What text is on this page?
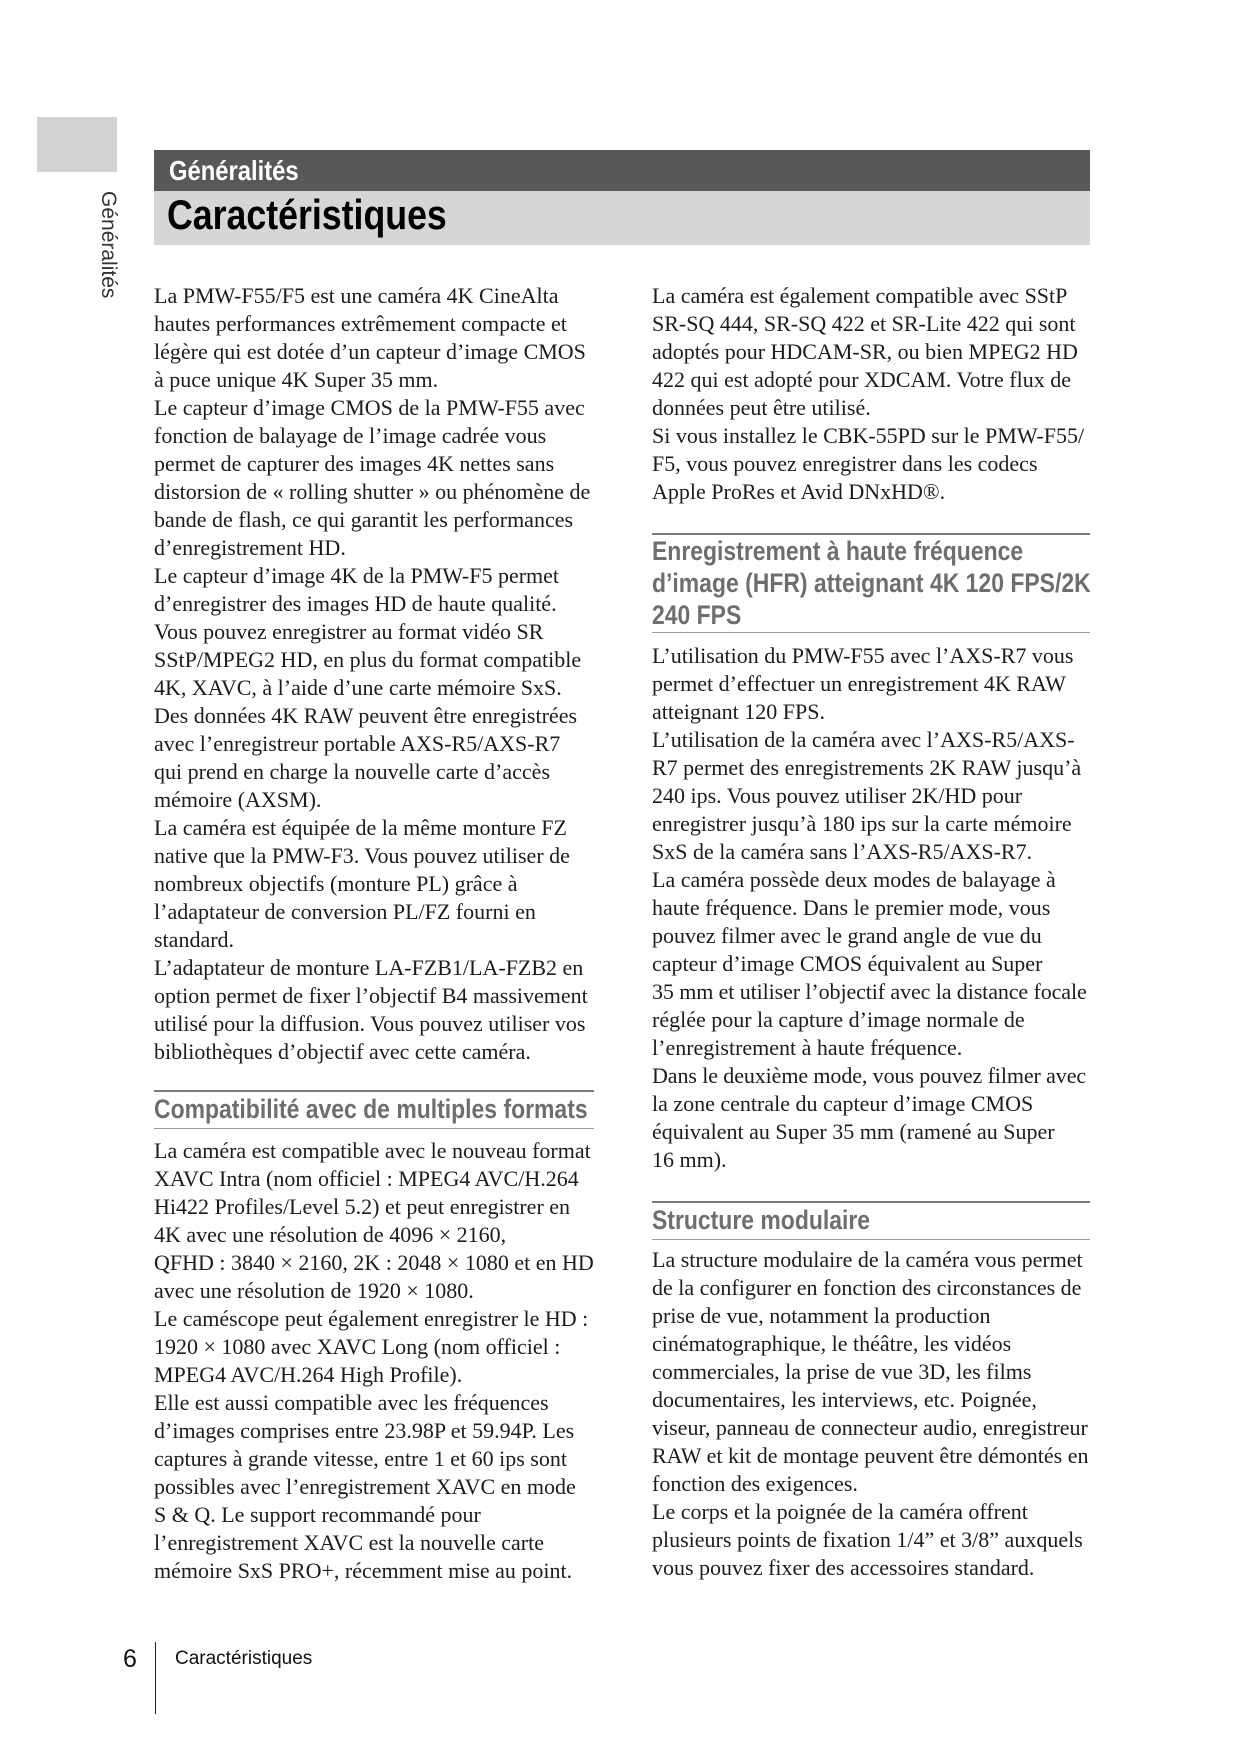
Généralités
Généralités
Caractéristiques
La PMW-F55/F5 est une caméra 4K CineAlta
hautes performances extrêmement compacte et
légère qui est dotée d’un capteur d’image CMOS
à puce unique 4K Super 35 mm.
Le capteur d’image CMOS de la PMW-F55 avec
fonction de balayage de l’image cadrée vous
permet de capturer des images 4K nettes sans
distorsion de « rolling shutter » ou phénomène de
bande de flash, ce qui garantit les performances
d’enregistrement HD.
Le capteur d’image 4K de la PMW-F5 permet
d’enregistrer des images HD de haute qualité.
Vous pouvez enregistrer au format vidéo SR
SStP/MPEG2 HD, en plus du format compatible
4K, XAVC, à l’aide d’une carte mémoire SxS.
Des données 4K RAW peuvent être enregistrées
avec l’enregistreur portable AXS-R5/AXS-R7
qui prend en charge la nouvelle carte d’accès
mémoire (AXSM).
La caméra est équipée de la même monture FZ
native que la PMW-F3. Vous pouvez utiliser de
nombreux objectifs (monture PL) grâce à
l’adaptateur de conversion PL/FZ fourni en
standard.
L’adaptateur de monture LA-FZB1/LA-FZB2 en
option permet de fixer l’objectif B4 massivement
utilisé pour la diffusion. Vous pouvez utiliser vos
bibliothèques d’objectif avec cette caméra.
Compatibilité avec de multiples formats
La caméra est compatible avec le nouveau format
XAVC Intra (nom officiel : MPEG4 AVC/H.264
Hi422 Profiles/Level 5.2) et peut enregistrer en
4K avec une résolution de 4096 × 2160,
QFHD : 3840 × 2160, 2K : 2048 × 1080 et en HD
avec une résolution de 1920 × 1080.
Le caméscope peut également enregistrer le HD :
1920 × 1080 avec XAVC Long (nom officiel :
MPEG4 AVC/H.264 High Profile).
Elle est aussi compatible avec les fréquences
d’images comprises entre 23.98P et 59.94P. Les
captures à grande vitesse, entre 1 et 60 ips sont
possibles avec l’enregistrement XAVC en mode
S & Q. Le support recommandé pour
l’enregistrement XAVC est la nouvelle carte
mémoire SxS PRO+, récemment mise au point.
La caméra est également compatible avec SStP
SR-SQ 444, SR-SQ 422 et SR-Lite 422 qui sont
adoptés pour HDCAM-SR, ou bien MPEG2 HD
422 qui est adopté pour XDCAM. Votre flux de
données peut être utilisé.
Si vous installez le CBK-55PD sur le PMW-F55/
F5, vous pouvez enregistrer dans les codecs
Apple ProRes et Avid DNxHD®.
Enregistrement à haute fréquence
d’image (HFR) atteignant 4K 120 FPS/2K
240 FPS
L’utilisation du PMW-F55 avec l’AXS-R7 vous
permet d’effectuer un enregistrement 4K RAW
atteignant 120 FPS.
L’utilisation de la caméra avec l’AXS-R5/AXS-
R7 permet des enregistrements 2K RAW jusqu’à
240 ips. Vous pouvez utiliser 2K/HD pour
enregistrer jusqu’à 180 ips sur la carte mémoire
SxS de la caméra sans l’AXS-R5/AXS-R7.
La caméra possède deux modes de balayage à
haute fréquence. Dans le premier mode, vous
pouvez filmer avec le grand angle de vue du
capteur d’image CMOS équivalent au Super
35 mm et utiliser l’objectif avec la distance focale
réglée pour la capture d’image normale de
l’enregistrement à haute fréquence.
Dans le deuxième mode, vous pouvez filmer avec
la zone centrale du capteur d’image CMOS
équivalent au Super 35 mm (ramené au Super
16 mm).
Structure modulaire
La structure modulaire de la caméra vous permet
de la configurer en fonction des circonstances de
prise de vue, notamment la production
cinématographique, le théâtre, les vidéos
commerciales, la prise de vue 3D, les films
documentaires, les interviews, etc. Poignée,
viseur, panneau de connecteur audio, enregistreur
RAW et kit de montage peuvent être démontés en
fonction des exigences.
Le corps et la poignée de la caméra offrent
plusieurs points de fixation 1/4” et 3/8” auxquels
vous pouvez fixer des accessoires standard.
6 Caractéristiques
